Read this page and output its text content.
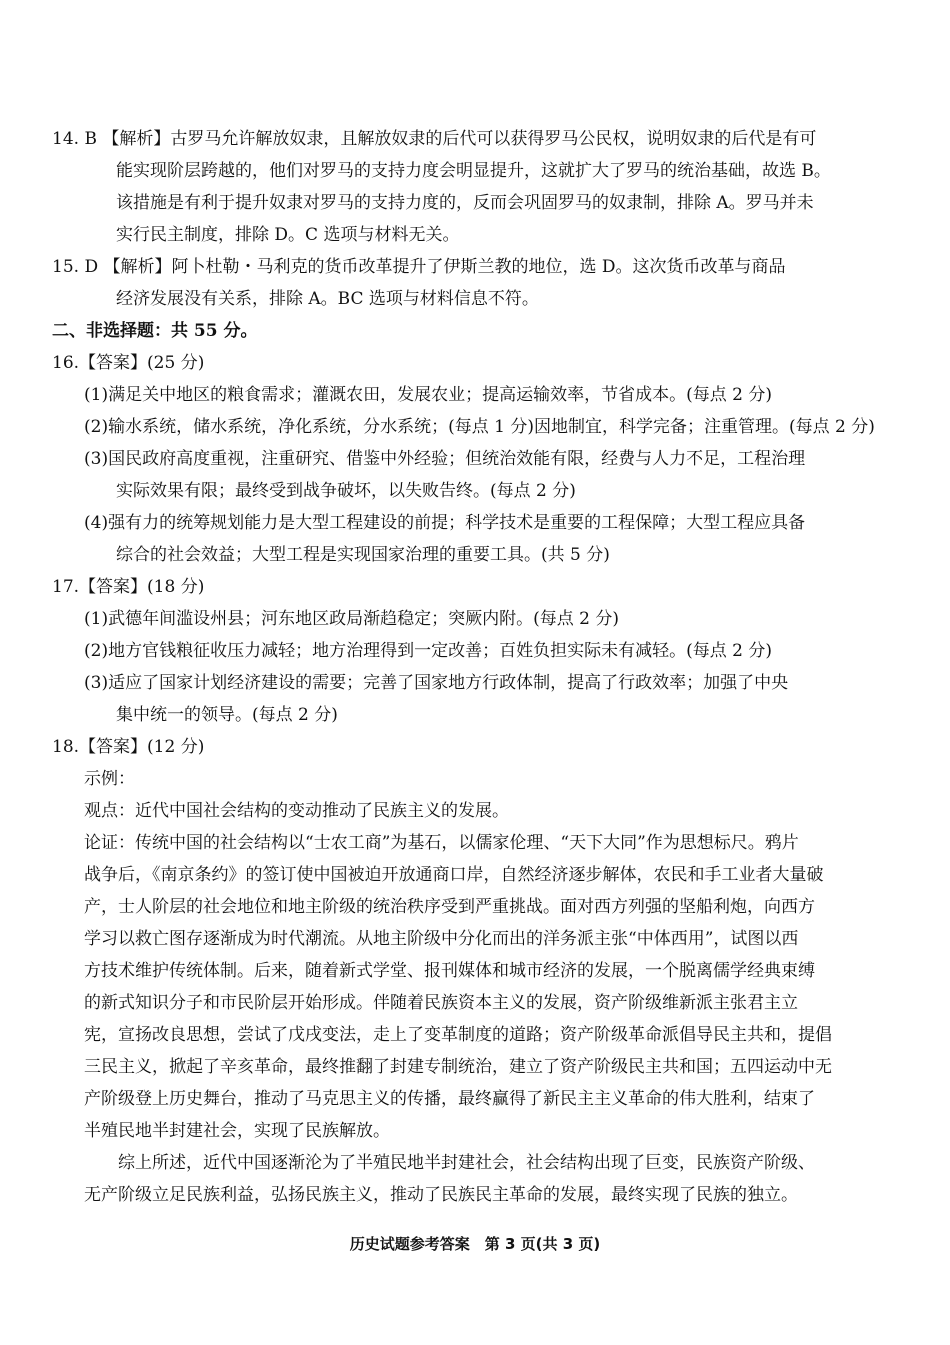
14. B 【解析】古罗马允许解放奴隶，且解放奴隶的后代可以获得罗马公民权，说明奴隶的后代是有可
能实现阶层跨越的，他们对罗马的支持力度会明显提升，这就扩大了罗马的统治基础，故选 B。
该措施是有利于提升奴隶对罗马的支持力度的，反而会巩固罗马的奴隶制，排除 A。罗马并未
实行民主制度，排除 D。C 选项与材料无关。
15. D 【解析】阿卜杜勒・马利克的货币改革提升了伊斯兰教的地位，选 D。这次货币改革与商品
经济发展没有关系，排除 A。BC 选项与材料信息不符。
二、非选择题：共 55 分。
16.【答案】(25 分)
(1)满足关中地区的粮食需求；灌溉农田，发展农业；提高运输效率，节省成本。(每点 2 分)
(2)输水系统，储水系统，净化系统，分水系统；(每点 1 分)因地制宜，科学完备；注重管理。(每点 2 分)
(3)国民政府高度重视，注重研究、借鉴中外经验；但统治效能有限，经费与人力不足，工程治理
实际效果有限；最终受到战争破坏，以失败告终。(每点 2 分)
(4)强有力的统筹规划能力是大型工程建设的前提；科学技术是重要的工程保障；大型工程应具备
综合的社会效益；大型工程是实现国家治理的重要工具。(共 5 分)
17.【答案】(18 分)
(1)武德年间滥设州县；河东地区政局渐趋稳定；突厥内附。(每点 2 分)
(2)地方官钱粮征收压力减轻；地方治理得到一定改善；百姓负担实际未有减轻。(每点 2 分)
(3)适应了国家计划经济建设的需要；完善了国家地方行政体制，提高了行政效率；加强了中央
集中统一的领导。(每点 2 分)
18.【答案】(12 分)
示例：
观点：近代中国社会结构的变动推动了民族主义的发展。
论证：传统中国的社会结构以“士农工商”为基石，以儒家伦理、“天下大同”作为思想标尺。鸦片
战争后，《南京条约》的签订使中国被迫开放通商口岸，自然经济逐步解体，农民和手工业者大量破
产，士人阶层的社会地位和地主阶级的统治秩序受到严重挑战。面对西方列强的坚船利炮，向西方
学习以救亡图存逐渐成为时代潮流。从地主阶级中分化而出的洋务派主张“中体西用”，试图以西
方技术维护传统体制。后来，随着新式学堂、报刊媒体和城市经济的发展，一个脱离儒学经典束缚
的新式知识分子和市民阶层开始形成。伴随着民族资本主义的发展，资产阶级维新派主张君主立
宪，宣扬改良思想，尝试了戊戌变法，走上了变革制度的道路；资产阶级革命派倡导民主共和，提倡
三民主义，掀起了辛亥革命，最终推翻了封建专制统治，建立了资产阶级民主共和国；五四运动中无
产阶级登上历史舞台，推动了马克思主义的传播，最终赢得了新民主主义革命的伟大胜利，结束了
半殖民地半封建社会，实现了民族解放。
综上所述，近代中国逐渐沦为了半殖民地半封建社会，社会结构出现了巨变，民族资产阶级、
无产阶级立足民族利益，弘扬民族主义，推动了民族民主革命的发展，最终实现了民族的独立。
历史试题参考答案　第 3 页(共 3 页)
